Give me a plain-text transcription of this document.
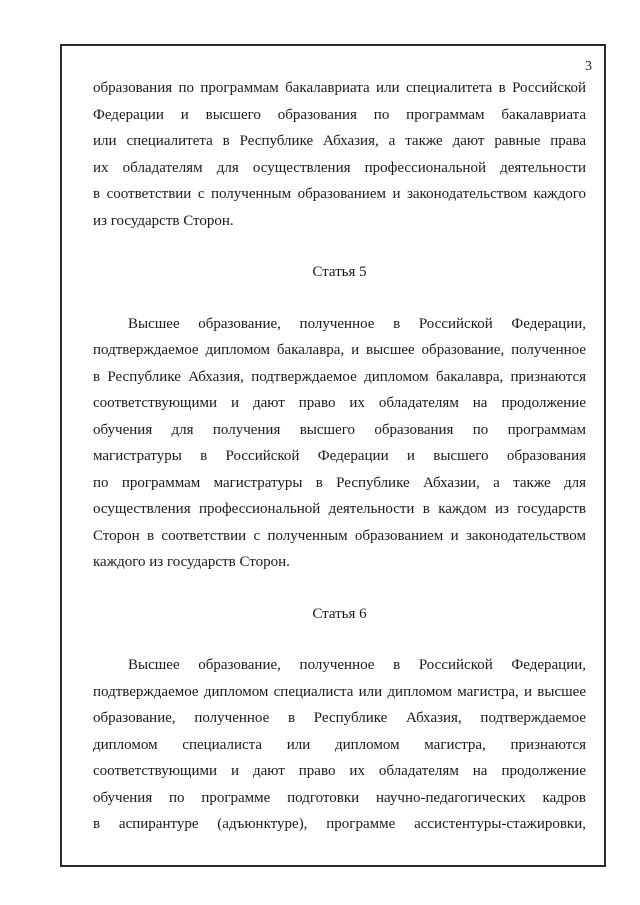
3
образования по программам бакалавриата или специалитета в Российской
Федерации и высшего образования по программам бакалавриата
или специалитета в Республике Абхазия, а также дают равные права
их обладателям для осуществления профессиональной деятельности
в соответствии с полученным образованием и законодательством каждого
из государств Сторон.
Статья 5
Высшее образование, полученное в Российской Федерации,
подтверждаемое дипломом бакалавра, и высшее образование, полученное
в Республике Абхазия, подтверждаемое дипломом бакалавра, признаются
соответствующими и дают право их обладателям на продолжение
обучения для получения высшего образования по программам
магистратуры в Российской Федерации и высшего образования
по программам магистратуры в Республике Абхазии, а также для
осуществления профессиональной деятельности в каждом из государств
Сторон в соответствии с полученным образованием и законодательством
каждого из государств Сторон.
Статья 6
Высшее образование, полученное в Российской Федерации,
подтверждаемое дипломом специалиста или дипломом магистра, и высшее
образование, полученное в Республике Абхазия, подтверждаемое
дипломом специалиста или дипломом магистра, признаются
соответствующими и дают право их обладателям на продолжение
обучения по программе подготовки научно-педагогических кадров
в аспирантуре (адъюнктуре), программе ассистентуры-стажировки,
